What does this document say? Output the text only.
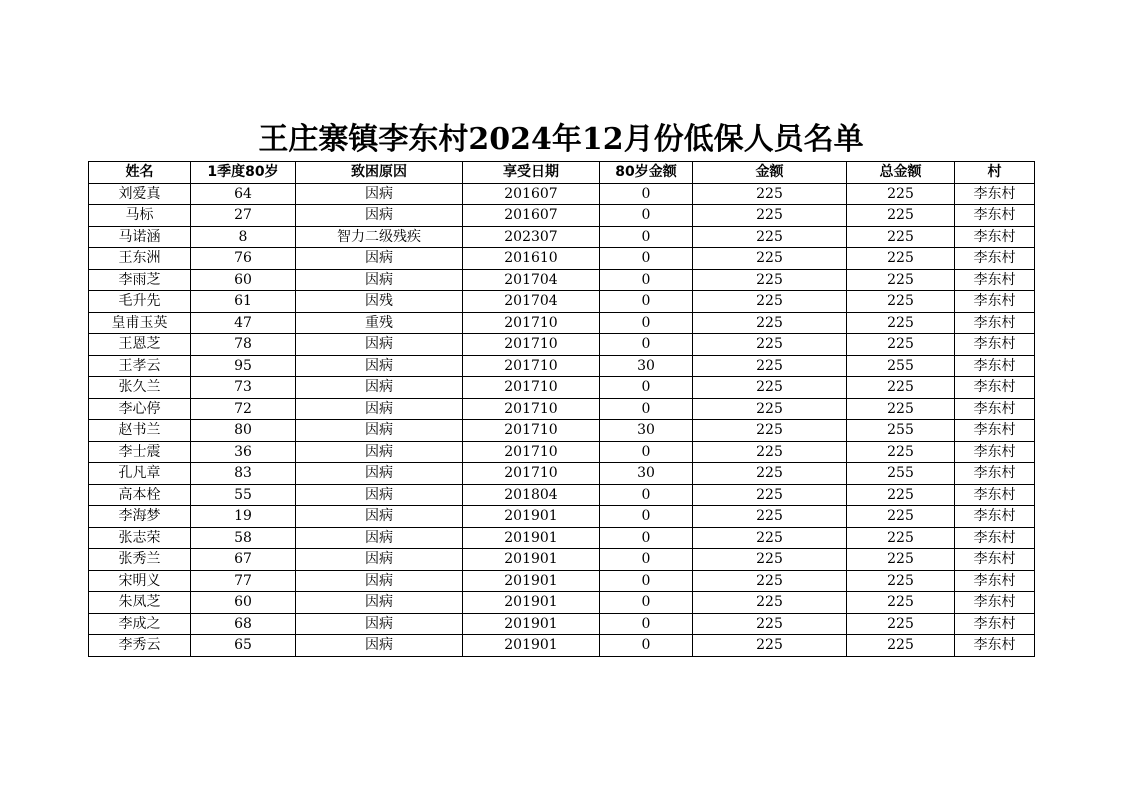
王庄寨镇李东村2024年12月份低保人员名单
姓名	1季度80岁	致困原因	享受日期	80岁金额	金额	总金额	村
刘爱真	64	因病	201607	0	225	225	李东村
马标	27	因病	201607	0	225	225	李东村
马诺涵	8	智力二级残疾	202307	0	225	225	李东村
王东洲	76	因病	201610	0	225	225	李东村
李雨芝	60	因病	201704	0	225	225	李东村
毛升先	61	因残	201704	0	225	225	李东村
皇甫玉英	47	重残	201710	0	225	225	李东村
王恩芝	78	因病	201710	0	225	225	李东村
王孝云	95	因病	201710	30	225	255	李东村
张久兰	73	因病	201710	0	225	225	李东村
李心停	72	因病	201710	0	225	225	李东村
赵书兰	80	因病	201710	30	225	255	李东村
李士震	36	因病	201710	0	225	225	李东村
孔凡章	83	因病	201710	30	225	255	李东村
高本栓	55	因病	201804	0	225	225	李东村
李海梦	19	因病	201901	0	225	225	李东村
张志荣	58	因病	201901	0	225	225	李东村
张秀兰	67	因病	201901	0	225	225	李东村
宋明义	77	因病	201901	0	225	225	李东村
朱凤芝	60	因病	201901	0	225	225	李东村
李成之	68	因病	201901	0	225	225	李东村
李秀云	65	因病	201901	0	225	225	李东村
